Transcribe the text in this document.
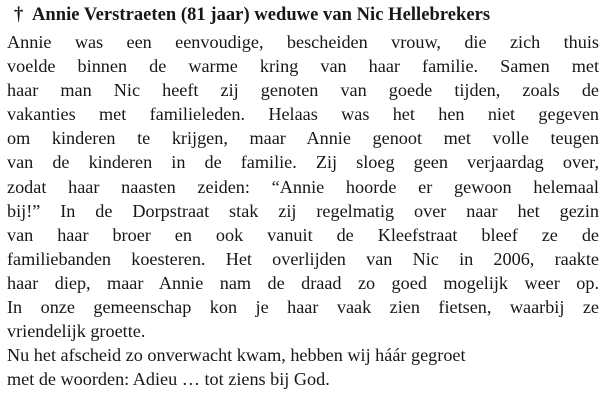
† Annie Verstraeten (81 jaar) weduwe van Nic Hellebrekers
Annie was een eenvoudige, bescheiden vrouw, die zich thuis
voelde binnen de warme kring van haar familie. Samen met
haar man Nic heeft zij genoten van goede tijden, zoals de
vakanties met familieleden. Helaas was het hen niet gegeven
om kinderen te krijgen, maar Annie genoot met volle teugen
van de kinderen in de familie. Zij sloeg geen verjaardag over,
zodat haar naasten zeiden: “Annie hoorde er gewoon helemaal
bij!” In de Dorpstraat stak zij regelmatig over naar het gezin
van haar broer en ook vanuit de Kleefstraat bleef ze de
familiebanden koesteren. Het overlijden van Nic in 2006, raakte
haar diep, maar Annie nam de draad zo goed mogelijk weer op.
In onze gemeenschap kon je haar vaak zien fietsen, waarbij ze
vriendelijk groette.
Nu het afscheid zo onverwacht kwam, hebben wij háár gegroet
met de woorden: Adieu … tot ziens bij God.
